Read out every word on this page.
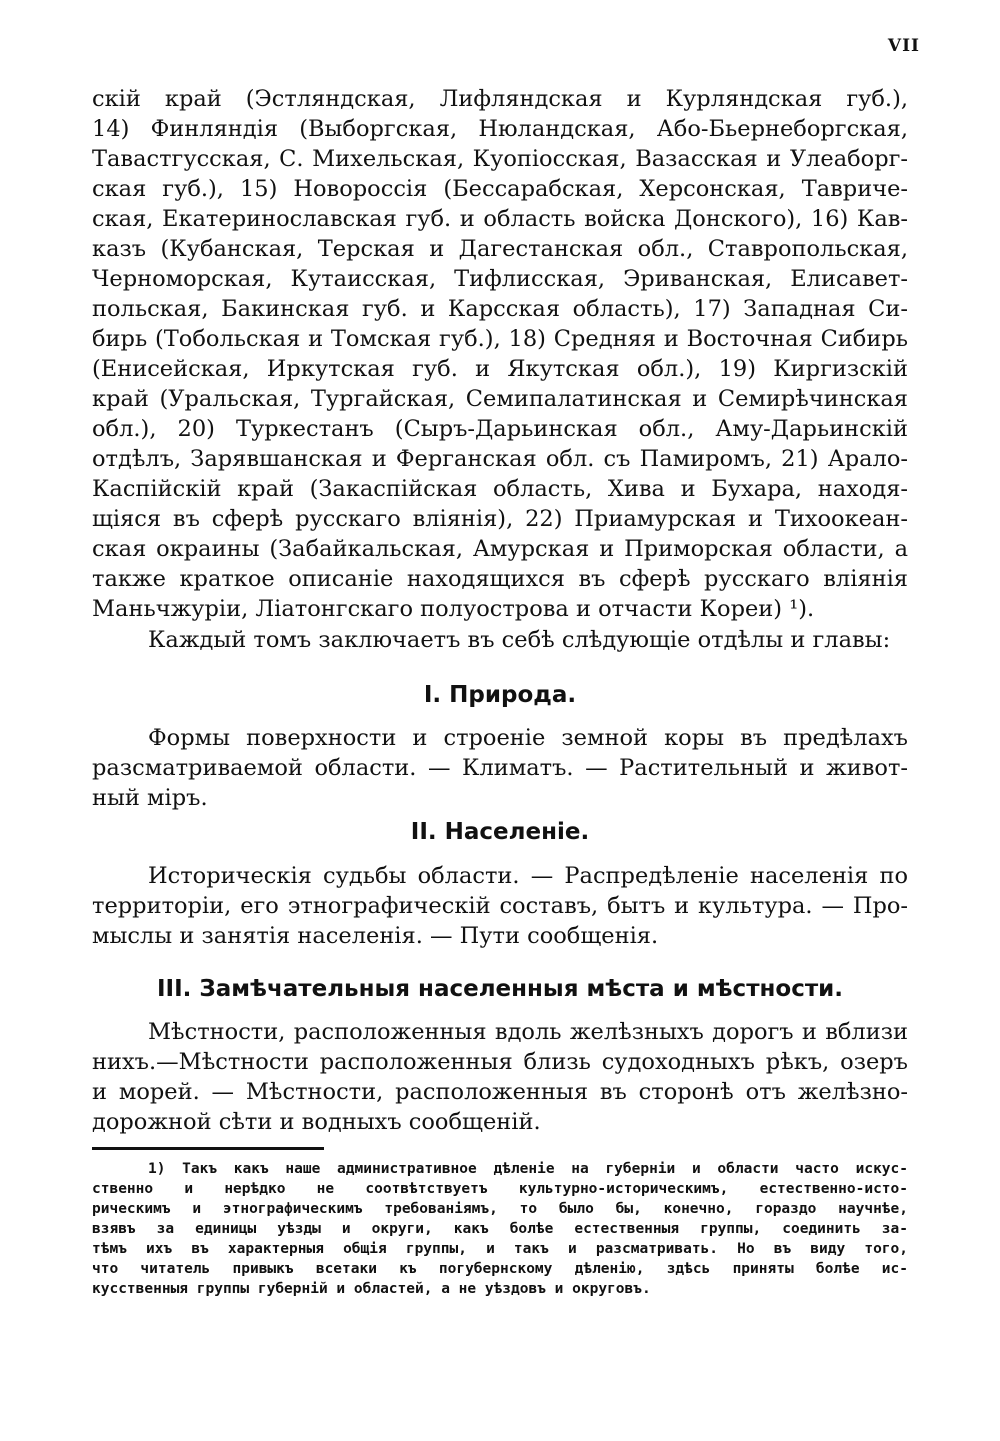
VII
скій край (Эстляндская, Лифляндская и Курляндская губ.),
14) Финляндія (Выборгская, Нюландская, Або-Бьернеборгская,
Тавастгусская, С. Михельская, Куопіосская, Вазасская и Улеаборг-
ская губ.), 15) Новороссія (Бессарабская, Херсонская, Тавриче-
ская, Екатеринославская губ. и область войска Донского), 16) Кав-
казъ (Кубанская, Терская и Дагестанская обл., Ставропольская,
Черноморская, Кутаисская, Тифлисская, Эриванская, Елисавет-
польская, Бакинская губ. и Карсская область), 17) Западная Си-
бирь (Тобольская и Томская губ.), 18) Средняя и Восточная Сибирь
(Енисейская, Иркутская губ. и Якутская обл.), 19) Киргизскій
край (Уральская, Тургайская, Семипалатинская и Семирѣчинская
обл.), 20) Туркестанъ (Сыръ-Дарьинская обл., Аму-Дарьинскій
отдѣлъ, Зарявшанская и Ферганская обл. съ Памиромъ, 21) Арало-
Каспійскій край (Закаспійская область, Хива и Бухара, находя-
щіяся въ сферѣ русскаго вліянія), 22) Приамурская и Тихоокеан-
ская окраины (Забайкальская, Амурская и Приморская области, а
также краткое описаніе находящихся въ сферѣ русскаго вліянія
Маньчжуріи, Ліатонгскаго полуострова и отчасти Кореи) ¹).
Каждый томъ заключаетъ въ себѣ слѣдующіе отдѣлы и главы:
I. Природа.
Формы поверхности и строеніе земной коры въ предѣлахъ
разсматриваемой области. — Климатъ. — Растительный и живот-
ный міръ.
II. Населеніе.
Историческія судьбы области. — Распредѣленіе населенія по
территоріи, его этнографическій составъ, бытъ и культура. — Про-
мыслы и занятія населенія. — Пути сообщенія.
III. Замѣчательныя населенныя мѣста и мѣстности.
Мѣстности, расположенныя вдоль желѣзныхъ дорогъ и вблизи
нихъ.—Мѣстности расположенныя близь судоходныхъ рѣкъ, озеръ
и морей. — Мѣстности, расположенныя въ сторонѣ отъ желѣзно-
дорожной сѣти и водныхъ сообщеній.
1) Такъ какъ наше административное дѣленіе на губерніи и области часто искус-
ственно и нерѣдко не соотвѣтствуетъ культурно-историческимъ, естественно-исто-
рическимъ и этнографическимъ требованіямъ, то было бы, конечно, гораздо научнѣе,
взявъ за единицы уѣзды и округи, какъ болѣе естественныя группы, соединить за-
тѣмъ ихъ въ характерныя общія группы, и такъ и разсматривать. Но въ виду того,
что читатель привыкъ всетаки къ погубернскому дѣленію, здѣсь приняты болѣе ис-
кусственныя группы губерній и областей, а не уѣздовъ и округовъ.
